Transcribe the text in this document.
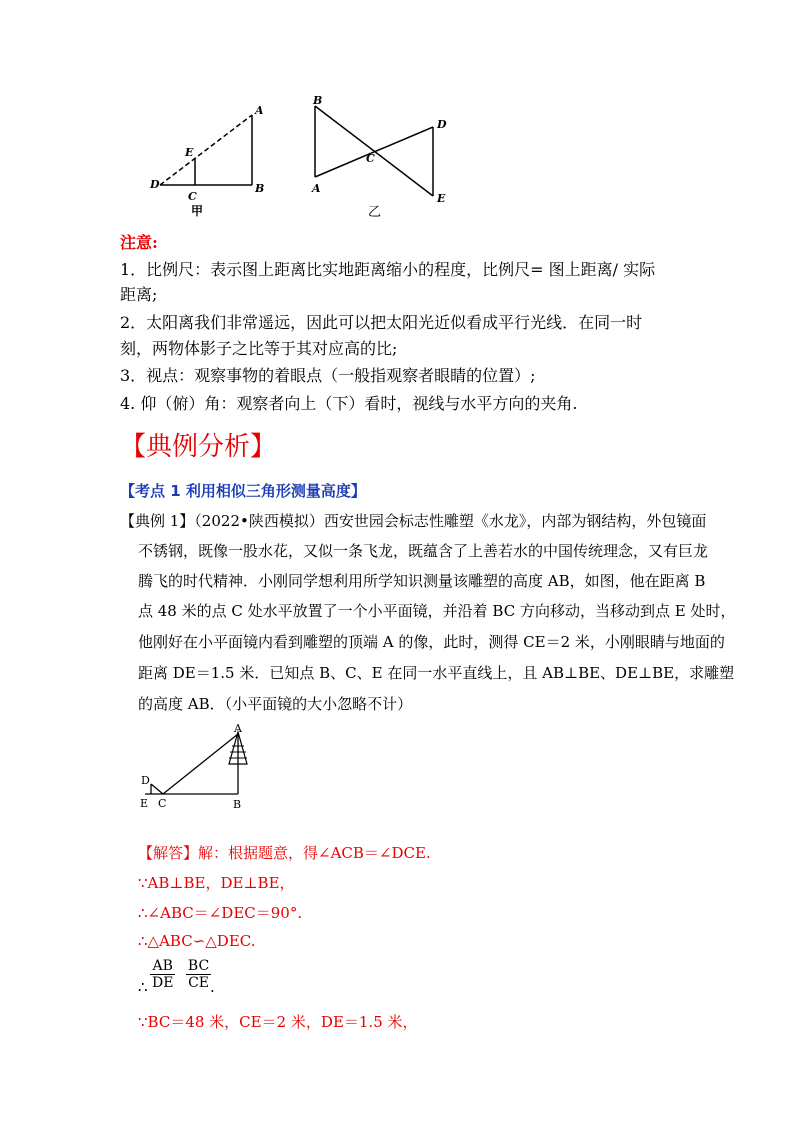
A
E
D
C
B
甲
B
D
C
A
E
乙
注意:
1．比例尺：表示图上距离比实地距离缩小的程度，比例尺= 图上距离/ 实际
距离;
2．太阳离我们非常遥远，因此可以把太阳光近似看成平行光线．在同一时
刻，两物体影子之比等于其对应高的比;
3．视点：观察事物的着眼点（一般指观察者眼睛的位置）;
4. 仰（俯）角：观察者向上（下）看时，视线与水平方向的夹角.
【典例分析】
【考点 1 利用相似三角形测量高度】
【典例 1】（2022•陕西模拟）西安世园会标志性雕塑《水龙》，内部为钢结构，外包镜面
不锈钢，既像一股水花，又似一条飞龙，既蕴含了上善若水的中国传统理念，又有巨龙
腾飞的时代精神．小刚同学想利用所学知识测量该雕塑的高度 AB，如图，他在距离 B
点 48 米的点 C 处水平放置了一个小平面镜，并沿着 BC 方向移动，当移动到点 E 处时，
他刚好在小平面镜内看到雕塑的顶端 A 的像，此时，测得 CE＝2 米，小刚眼睛与地面的
距离 DE＝1.5 米．已知点 B、C、E 在同一水平直线上，且 AB⊥BE、DE⊥BE，求雕塑
的高度 AB．（小平面镜的大小忽略不计）
A
D
E C	B
【解答】解：根据题意，得∠ACB＝∠DCE.
∵AB⊥BE，DE⊥BE，
∴∠ABC＝∠DEC＝90°.
∴△ABC∽△DEC.
$\frac{AB}{DE}$
$\frac{BC}{CE}$
∴	.
∵BC＝48 米，CE＝2 米，DE＝1.5 米，
